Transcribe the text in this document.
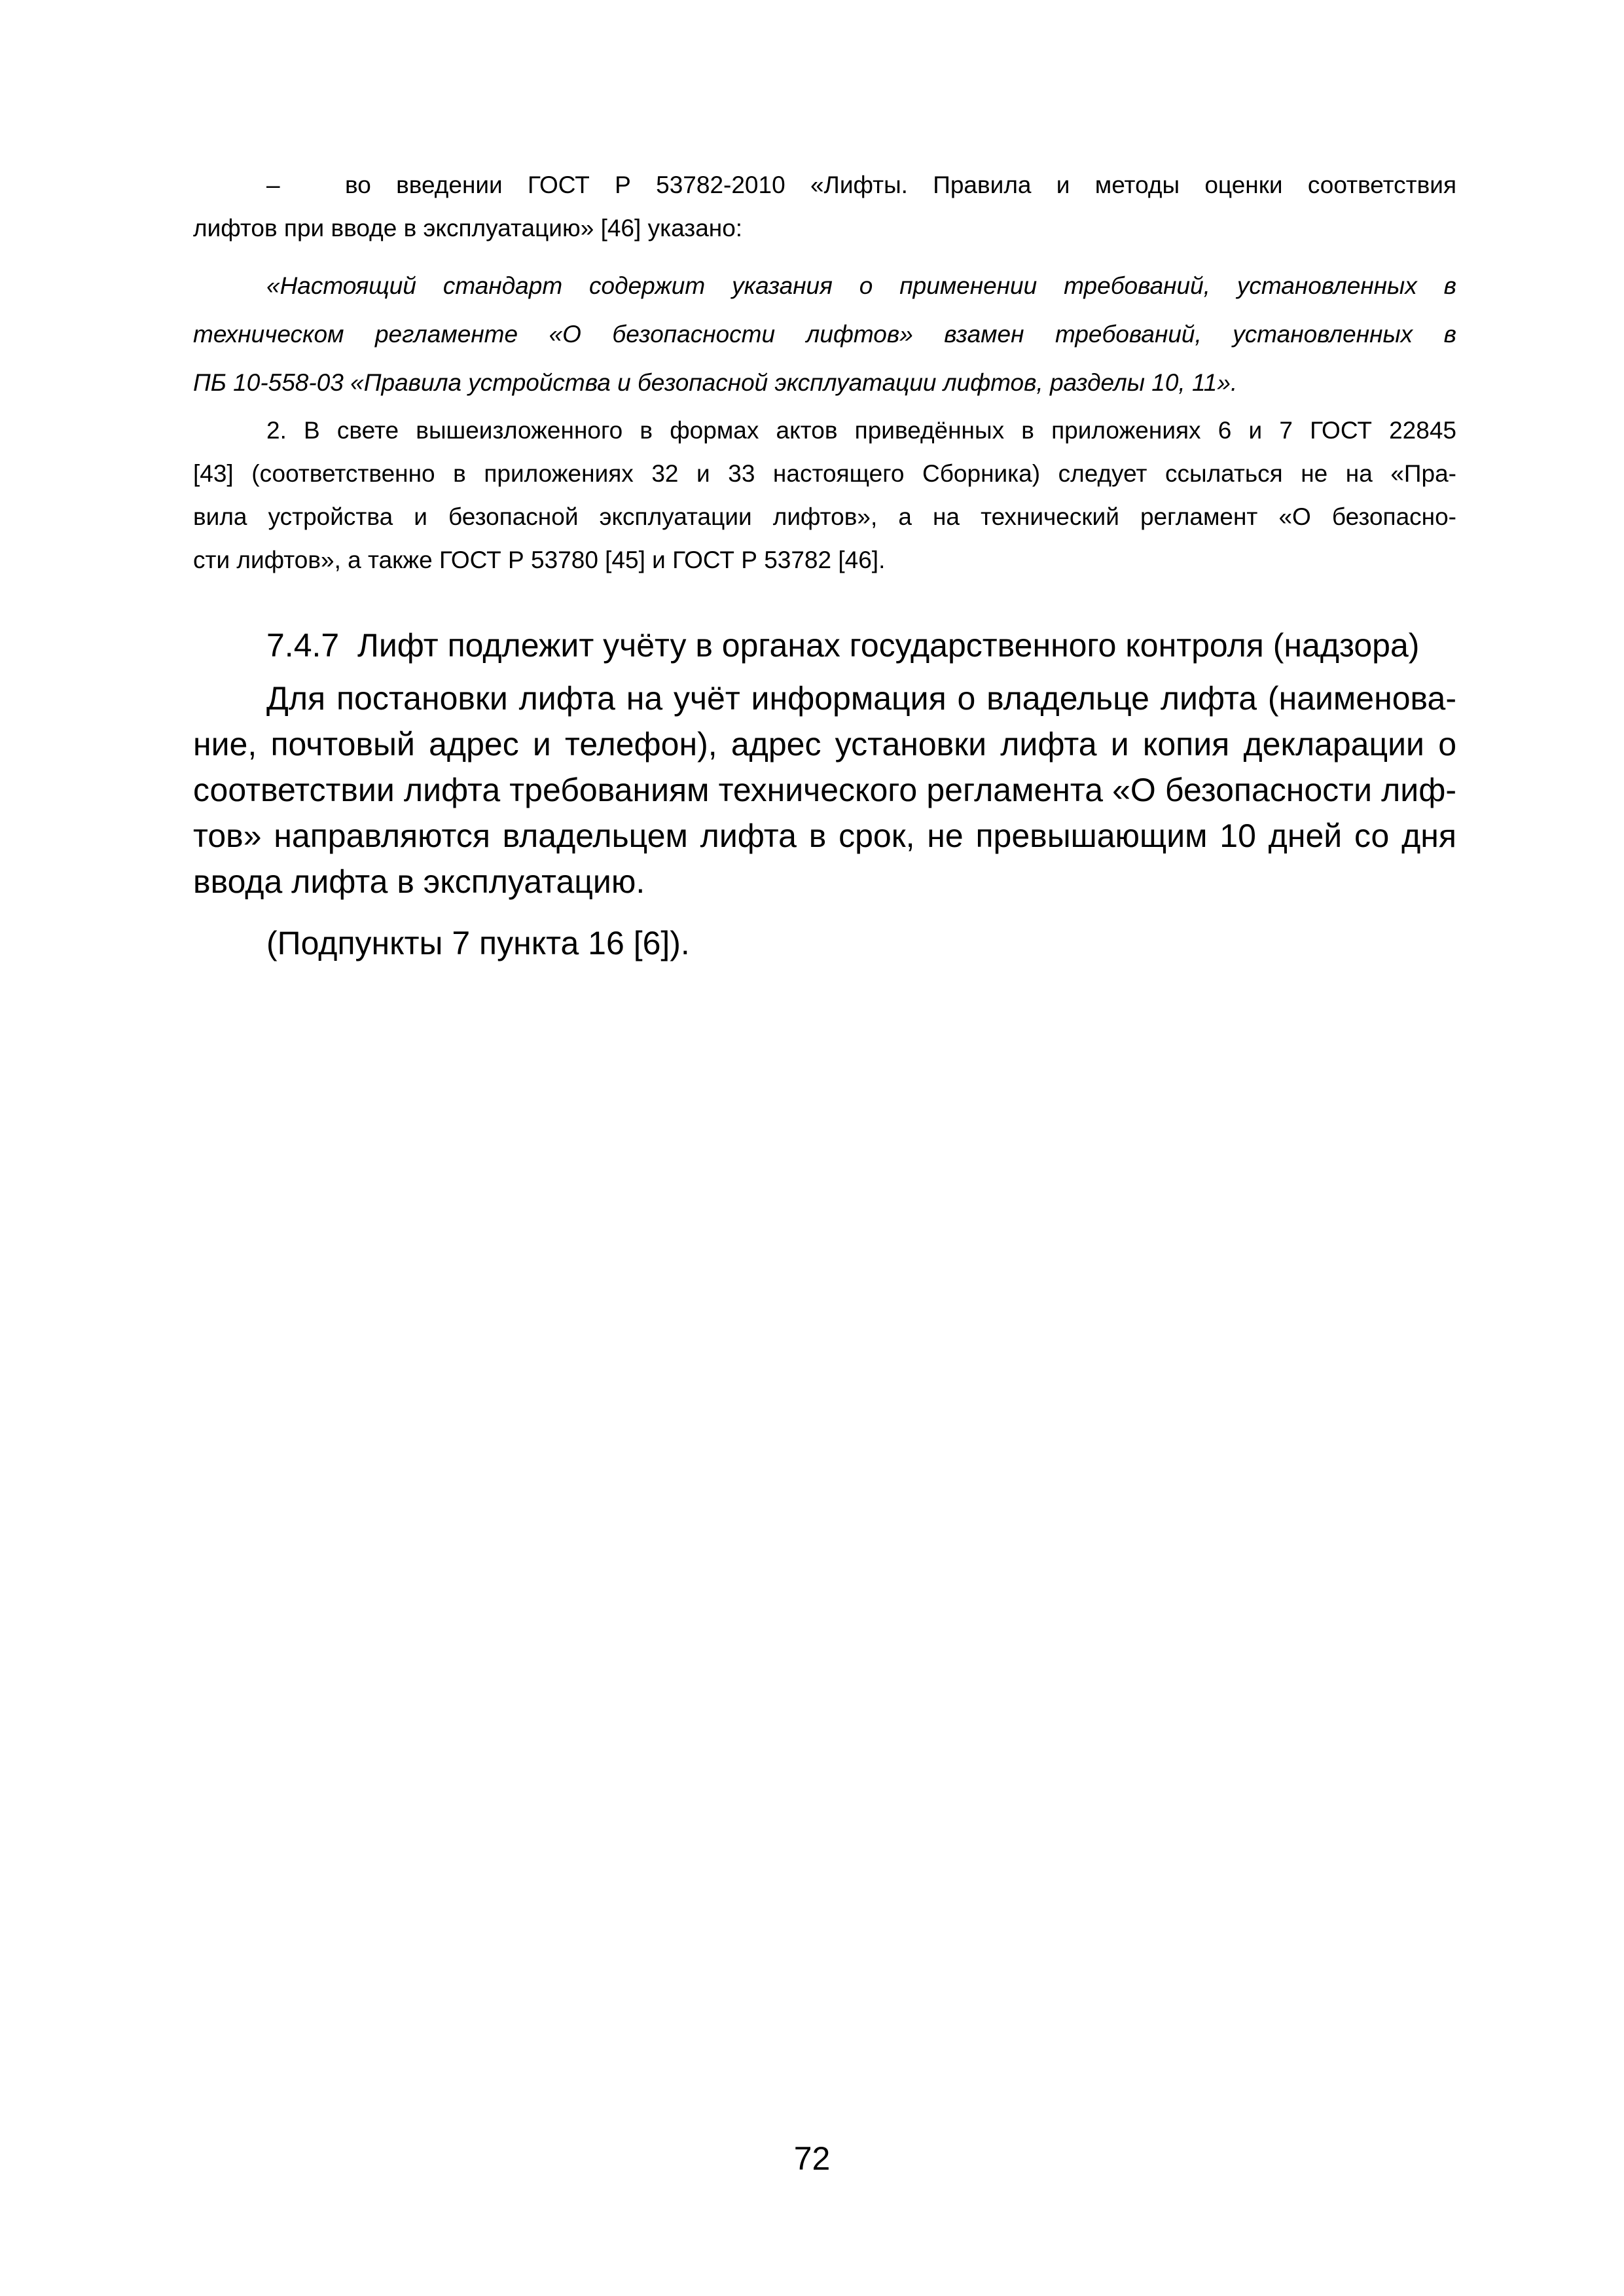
–	во введении ГОСТ Р 53782-2010 «Лифты. Правила и методы оценки соответствия
лифтов при вводе в эксплуатацию» [46] указано:

«Настоящий стандарт содержит указания о применении требований, установленных в
техническом регламенте «О безопасности лифтов» взамен требований, установленных в
ПБ 10-558-03 «Правила устройства и безопасной эксплуатации лифтов, разделы 10, 11».

2. В свете вышеизложенного в формах актов приведённых в приложениях 6 и 7 ГОСТ 22845
[43] (соответственно в приложениях 32 и 33 настоящего Сборника) следует ссылаться не на «Пра-
вила устройства и безопасной эксплуатации лифтов», а на технический регламент «О безопасно-
сти лифтов», а также ГОСТ Р 53780 [45] и ГОСТ Р 53782 [46].

7.4.7 Лифт подлежит учёту в органах государственного контроля (надзора)

Для постановки лифта на учёт информация о владельце лифта (наименова-
ние, почтовый адрес и телефон), адрес установки лифта и копия декларации о
соответствии лифта требованиям технического регламента «О безопасности лиф-
тов» направляются владельцем лифта в срок, не превышающим 10 дней со дня
ввода лифта в эксплуатацию.

(Подпункты 7 пункта 16 [6]).

72
